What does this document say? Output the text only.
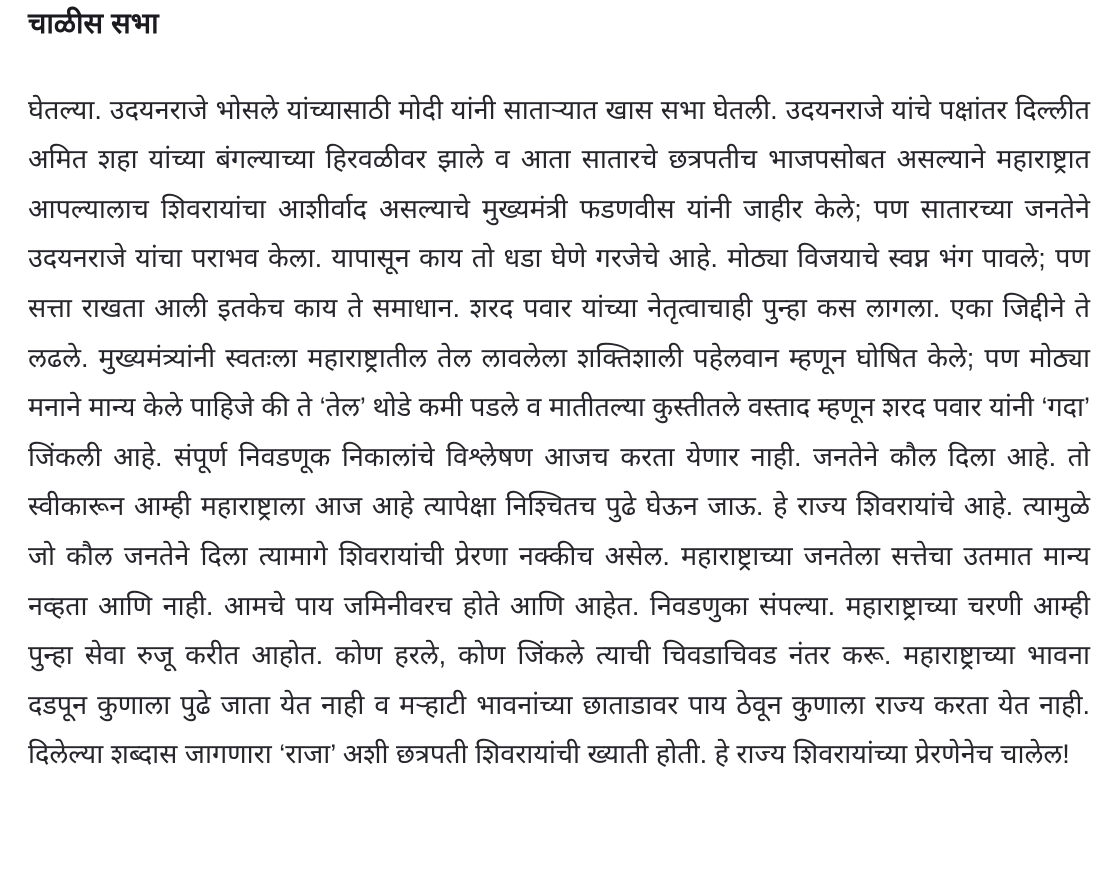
चाळीस सभा

घेतल्या. उदयनराजे भोसले यांच्यासाठी मोदी यांनी साताऱ्यात खास सभा घेतली. उदयनराजे यांचे पक्षांतर दिल्लीत अमित शहा यांच्या बंगल्याच्या हिरवळीवर झाले व आता सातारचे छत्रपतीच भाजपसोबत असल्याने महाराष्ट्रात आपल्यालाच शिवरायांचा आशीर्वाद असल्याचे मुख्यमंत्री फडणवीस यांनी जाहीर केले; पण सातारच्या जनतेने उदयनराजे यांचा पराभव केला. यापासून काय तो धडा घेणे गरजेचे आहे. मोठ्या विजयाचे स्वप्न भंग पावले; पण सत्ता राखता आली इतकेच काय ते समाधान. शरद पवार यांच्या नेतृत्वाचाही पुन्हा कस लागला. एका जिद्दीने ते लढले. मुख्यमंत्र्यांनी स्वतःला महाराष्ट्रातील तेल लावलेला शक्तिशाली पहेलवान म्हणून घोषित केले; पण मोठ्या मनाने मान्य केले पाहिजे की ते ‘तेल’ थोडे कमी पडले व मातीतल्या कुस्तीतले वस्ताद म्हणून शरद पवार यांनी ‘गदा’ जिंकली आहे. संपूर्ण निवडणूक निकालांचे विश्लेषण आजच करता येणार नाही. जनतेने कौल दिला आहे. तो स्वीकारून आम्ही महाराष्ट्राला आज आहे त्यापेक्षा निश्चितच पुढे घेऊन जाऊ. हे राज्य शिवरायांचे आहे. त्यामुळे जो कौल जनतेने दिला त्यामागे शिवरायांची प्रेरणा नक्कीच असेल. महाराष्ट्राच्या जनतेला सत्तेचा उतमात मान्य नव्हता आणि नाही. आमचे पाय जमिनीवरच होते आणि आहेत. निवडणुका संपल्या. महाराष्ट्राच्या चरणी आम्ही पुन्हा सेवा रुजू करीत आहोत. कोण हरले, कोण जिंकले त्याची चिवडाचिवड नंतर करू. महाराष्ट्राच्या भावना दडपून कुणाला पुढे जाता येत नाही व मऱ्हाटी भावनांच्या छाताडावर पाय ठेवून कुणाला राज्य करता येत नाही. दिलेल्या शब्दास जागणारा ‘राजा’ अशी छत्रपती शिवरायांची ख्याती होती. हे राज्य शिवरायांच्या प्रेरणेनेच चालेल!
